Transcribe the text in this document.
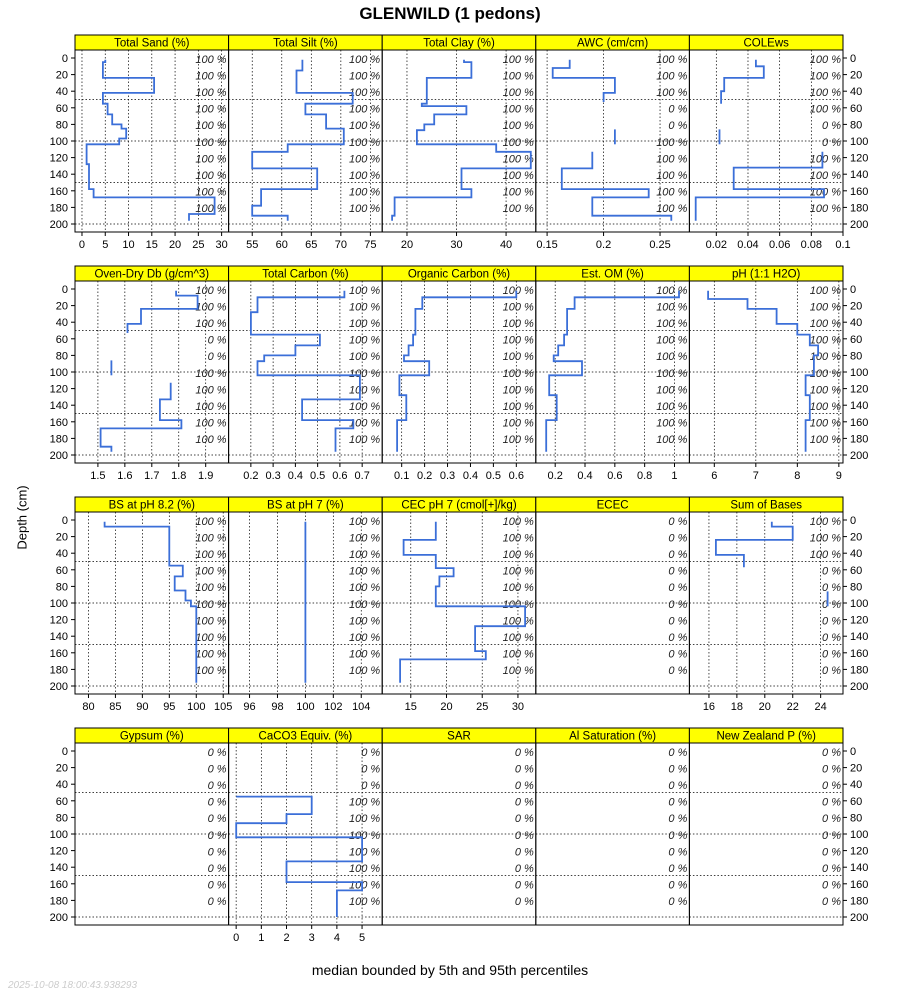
GLENWILD (1 pedons)
Depth (cm)
median bounded by 5th and 95th percentiles
2025-10-08 18:00:43.938293
0	0
20	20
40	40
60	60
80	80
100	100
120	120
140	140
160	160
180	180
200	200
0	0
20	20
40	40
60	60
80	80
100	100
120	120
140	140
160	160
180	180
200	200
0	0
20	20
40	40
60	60
80	80
100	100
120	120
140	140
160	160
180	180
200	200
0	0
20	20
40	40
60	60
80	80
100	100
120	120
140	140
160	160
180	180
200	200
Total Sand (%)
100 %
100 %
100 %
100 %
100 %
100 %
100 %
100 %
100 %
100 %
0 5 10 15 20 25 30
Total Silt (%)
100 %
100 %
100 %
100 %
100 %
100 %
100 %
100 %
100 %
100 %
55 60 65 70 75
Total Clay (%)
100 %
100 %
100 %
100 %
100 %
100 %
100 %
100 %
100 %
100 %
20	30	40
AWC (cm/cm)
100 %
100 %
100 %
0 %
0 %
100 %
100 %
100 %
100 %
100 %
0.15	0.2	0.25
COLEws
100 %
100 %
100 %
100 %
0 %
0 %
100 %
100 %
100 %
100 %
0.02 0.04 0.06 0.08 0.1
Oven-Dry Db (g/cm^3)
100 %
100 %
100 %
0 %
0 %
100 %
100 %
100 %
100 %
100 %
1.5 1.6 1.7 1.8 1.9
Total Carbon (%)
100 %
100 %
100 %
100 %
100 %
100 %
100 %
100 %
100 %
100 %
0.2 0.3 0.4 0.5 0.6 0.7
Organic Carbon (%)
100 %
100 %
100 %
100 %
100 %
100 %
100 %
100 %
100 %
100 %
0.1 0.2 0.3 0.4 0.5 0.6
Est. OM (%)
100 %
100 %
100 %
100 %
100 %
100 %
100 %
100 %
100 %
100 %
0.2 0.4 0.6 0.8 1
pH (1:1 H2O)
100 %
100 %
100 %
100 %
100 %
100 %
100 %
100 %
100 %
100 %
6	7	8	9
BS at pH 8.2 (%)
100 %
100 %
100 %
100 %
100 %
100 %
100 %
100 %
100 %
100 %
80 85 90 95 100 105
BS at pH 7 (%)
100 %
100 %
100 %
100 %
100 %
100 %
100 %
100 %
100 %
100 %
96 98 100 102 104
CEC pH 7 (cmol[+]/kg)
100 %
100 %
100 %
100 %
100 %
100 %
100 %
100 %
100 %
100 %
15 20 25 30
ECEC
0 %
0 %
0 %
0 %
0 %
0 %
0 %
0 %
0 %
0 %
Sum of Bases
100 %
100 %
100 %
0 %
0 %
0 %
0 %
0 %
0 %
0 %
16 18 20 22 24
Gypsum (%)
0 %
0 %
0 %
0 %
0 %
0 %
0 %
0 %
0 %
0 %
CaCO3 Equiv. (%)
0 %
0 %
0 %
100 %
100 %
100 %
100 %
100 %
100 %
100 %
0 1 2 3 4 5
SAR
0 %
0 %
0 %
0 %
0 %
0 %
0 %
0 %
0 %
0 %
Al Saturation (%)
0 %
0 %
0 %
0 %
0 %
0 %
0 %
0 %
0 %
0 %
New Zealand P (%)
0 %
0 %
0 %
0 %
0 %
0 %
0 %
0 %
0 %
0 %
